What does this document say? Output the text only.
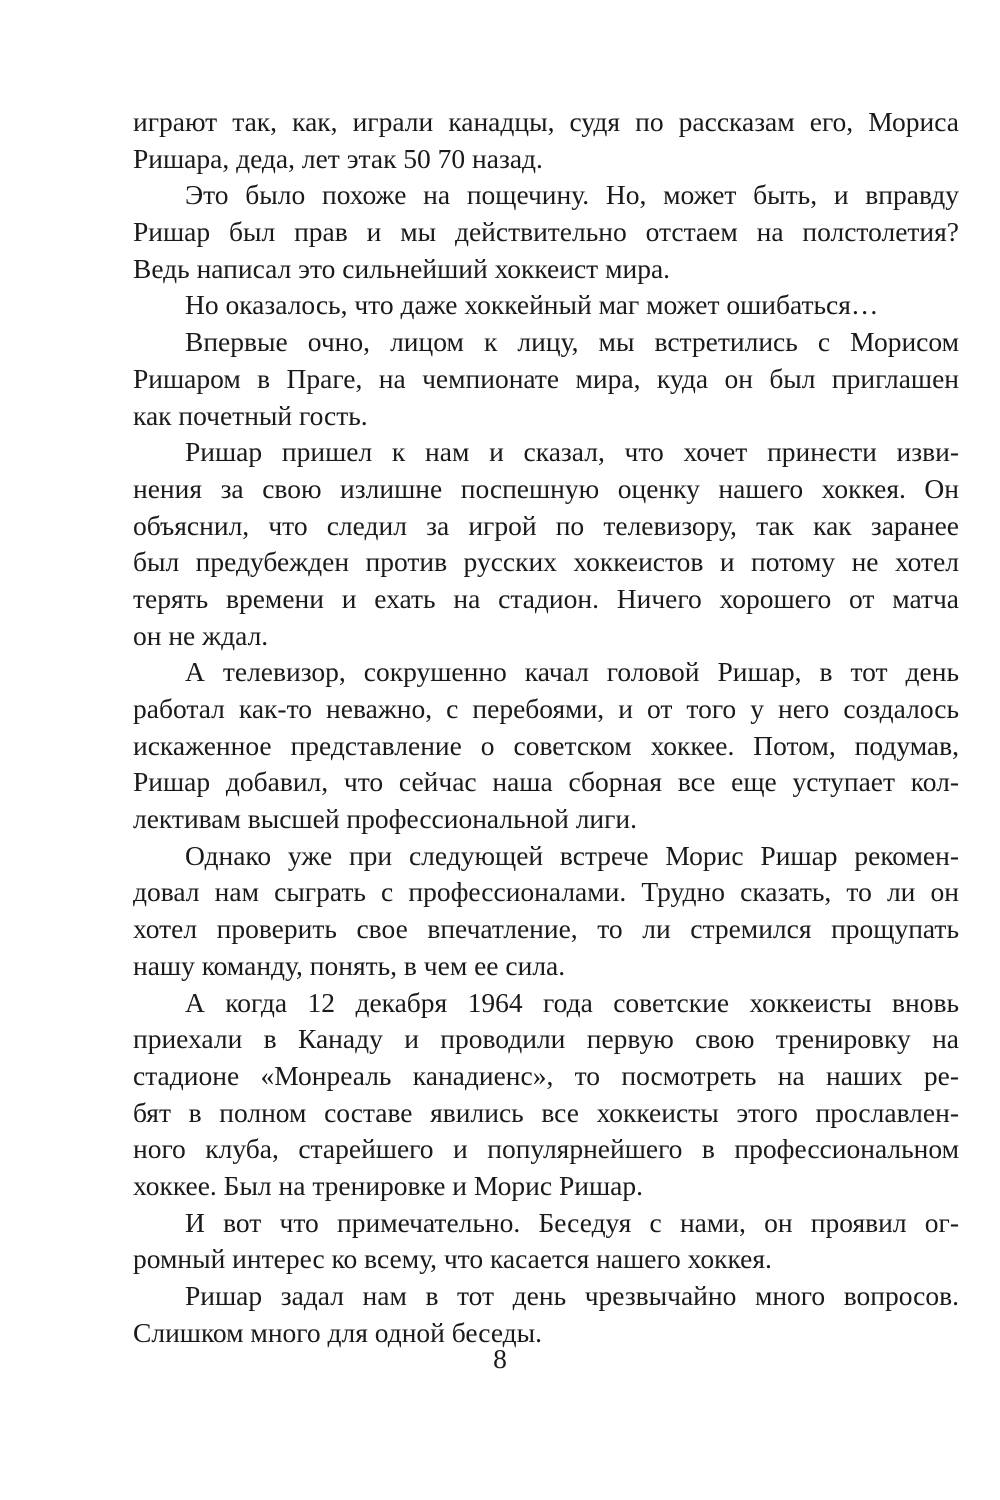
играют так, как, играли канадцы, судя по рассказам его, Мориса
Ришара, деда, лет этак 50 70 назад.
Это было похоже на пощечину. Но, может быть, и вправду
Ришар был прав и мы действительно отстаем на полстолетия?
Ведь написал это сильнейший хоккеист мира.
Но оказалось, что даже хоккейный маг может ошибаться…
Впервые очно, лицом к лицу, мы встретились с Морисом
Ришаром в Праге, на чемпионате мира, куда он был приглашен
как почетный гость.
Ришар пришел к нам и сказал, что хочет принести изви-
нения за свою излишне поспешную оценку нашего хоккея. Он
объяснил, что следил за игрой по телевизору, так как заранее
был предубежден против русских хоккеистов и потому не хотел
терять времени и ехать на стадион. Ничего хорошего от матча
он не ждал.
А телевизор, сокрушенно качал головой Ришар, в тот день
работал как-то неважно, с перебоями, и от того у него создалось
искаженное представление о советском хоккее. Потом, подумав,
Ришар добавил, что сейчас наша сборная все еще уступает кол-
лективам высшей профессиональной лиги.
Однако уже при следующей встрече Морис Ришар рекомен-
довал нам сыграть с профессионалами. Трудно сказать, то ли он
хотел проверить свое впечатление, то ли стремился прощупать
нашу команду, понять, в чем ее сила.
А когда 12 декабря 1964 года советские хоккеисты вновь
приехали в Канаду и проводили первую свою тренировку на
стадионе «Монреаль канадиенс», то посмотреть на наших ре-
бят в полном составе явились все хоккеисты этого прославлен-
ного клуба, старейшего и популярнейшего в профессиональном
хоккее. Был на тренировке и Морис Ришар.
И вот что примечательно. Беседуя с нами, он проявил ог-
ромный интерес ко всему, что касается нашего хоккея.
Ришар задал нам в тот день чрезвычайно много вопросов.
Слишком много для одной беседы.
8
